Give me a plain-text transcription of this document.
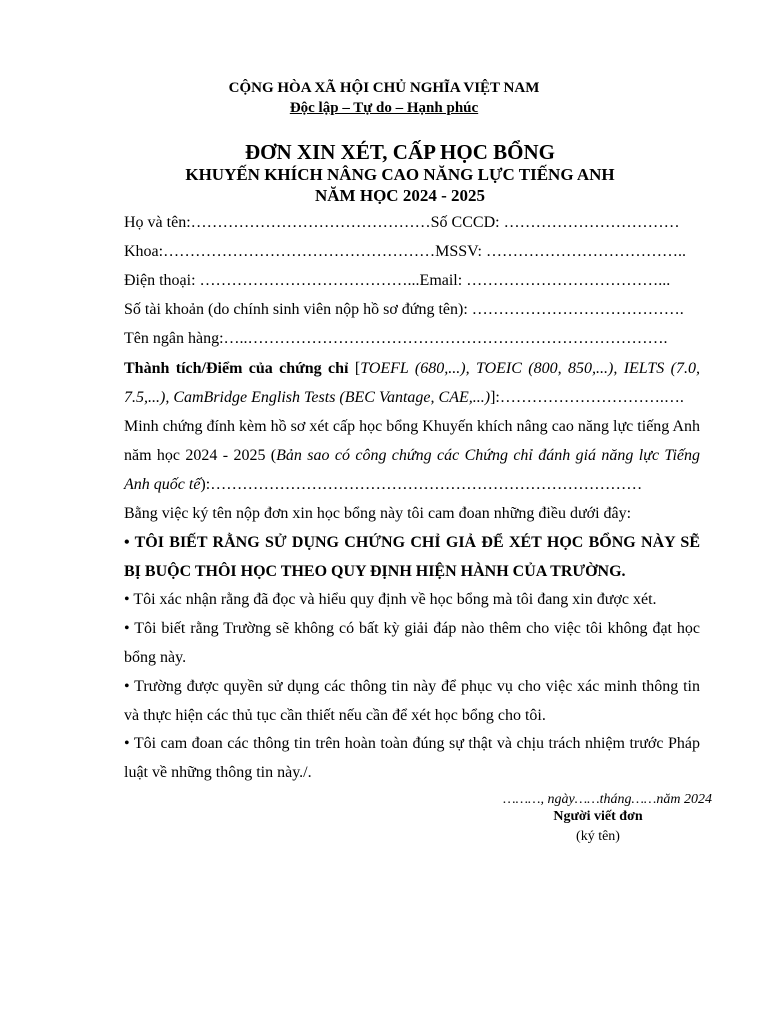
CỘNG HÒA XÃ HỘI CHỦ NGHĨA VIỆT NAM
Độc lập – Tự do – Hạnh phúc
ĐƠN XIN XÉT, CẤP HỌC BỔNG
KHUYẾN KHÍCH NÂNG CAO NĂNG LỰC TIẾNG ANH
NĂM HỌC 2024 - 2025
Họ và tên:………………………………………Số CCCD: ……………………………
Khoa:……………………………………………MSSV: ………………………………..
Điện thoại: …………………………………...Email: ………………………………...
Số tài khoản (do chính sinh viên nộp hồ sơ đứng tên): ………………………………….
Tên ngân hàng:…..…………………………………………………………………….
Thành tích/Điểm của chứng chỉ [TOEFL (680,...), TOEIC (800, 850,...), IELTS (7.0, 7.5,...), CamBridge English Tests (BEC Vantage, CAE,...)]:………………………….….
Minh chứng đính kèm hồ sơ xét cấp học bổng Khuyến khích nâng cao năng lực tiếng Anh năm học 2024 - 2025 (Bản sao có công chứng các Chứng chỉ đánh giá năng lực Tiếng Anh quốc tế):………………………………………………………………………
Bằng việc ký tên nộp đơn xin học bổng này tôi cam đoan những điều dưới đây:
• TÔI BIẾT RẰNG SỬ DỤNG CHỨNG CHỈ GIẢ ĐỂ XÉT HỌC BỔNG NÀY SẼ BỊ BUỘC THÔI HỌC THEO QUY ĐỊNH HIỆN HÀNH CỦA TRƯỜNG.
• Tôi xác nhận rằng đã đọc và hiểu quy định về học bổng mà tôi đang xin được xét.
• Tôi biết rằng Trường sẽ không có bất kỳ giải đáp nào thêm cho việc tôi không đạt học bổng này.
• Trường được quyền sử dụng các thông tin này để phục vụ cho việc xác minh thông tin và thực hiện các thủ tục cần thiết nếu cần để xét học bổng cho tôi.
• Tôi cam đoan các thông tin trên hoàn toàn đúng sự thật và chịu trách nhiệm trước Pháp luật về những thông tin này./.
………, ngày……tháng……năm 2024
Người viết đơn
(ký tên)
